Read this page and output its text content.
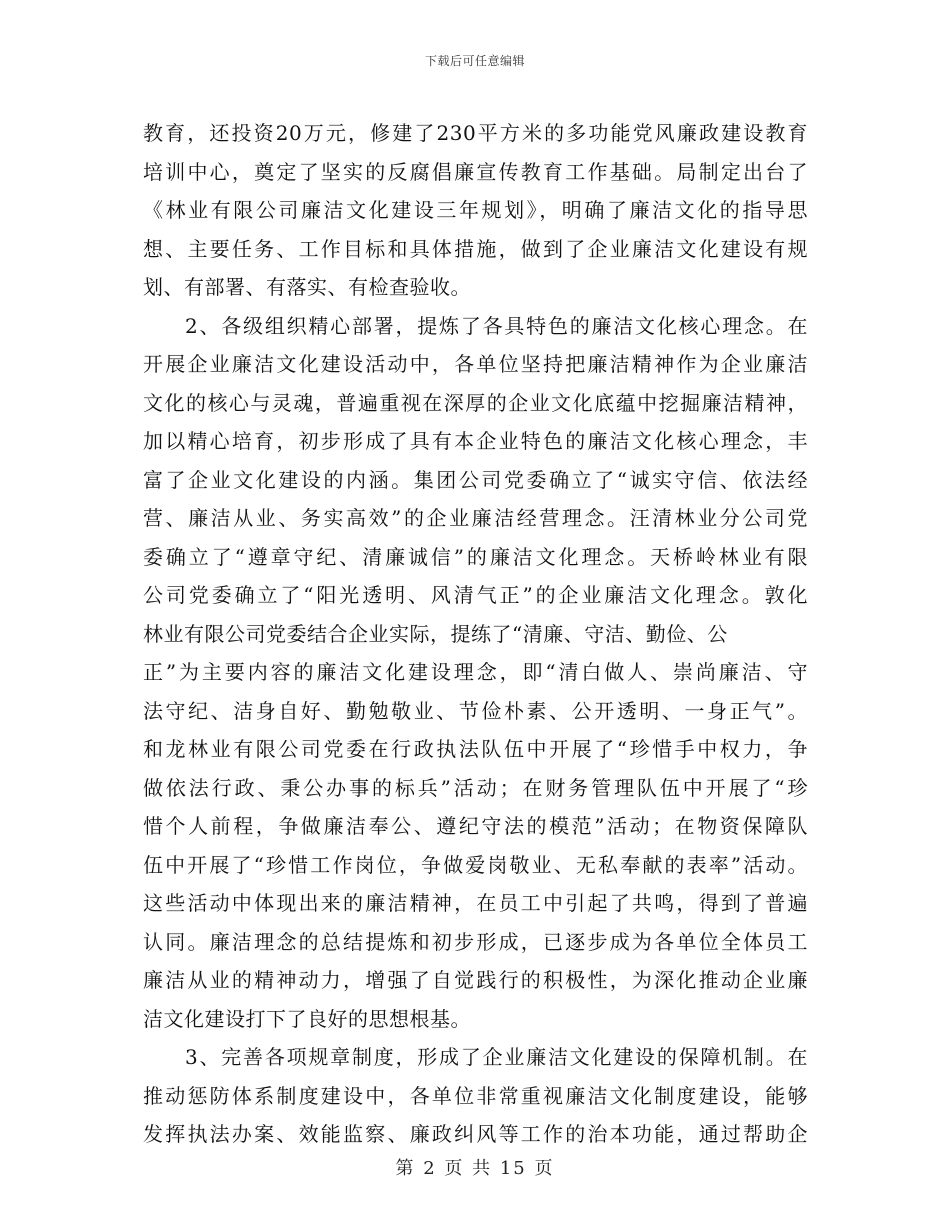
下载后可任意编辑
教育，还投资20万元，修建了230平方米的多功能党风廉政建设教育
培训中心，奠定了坚实的反腐倡廉宣传教育工作基础。局制定出台了
《林业有限公司廉洁文化建设三年规划》，明确了廉洁文化的指导思
想、主要任务、工作目标和具体措施，做到了企业廉洁文化建设有规
划、有部署、有落实、有检查验收。
2、各级组织精心部署，提炼了各具特色的廉洁文化核心理念。在
开展企业廉洁文化建设活动中，各单位坚持把廉洁精神作为企业廉洁
文化的核心与灵魂，普遍重视在深厚的企业文化底蕴中挖掘廉洁精神，
加以精心培育，初步形成了具有本企业特色的廉洁文化核心理念，丰
富了企业文化建设的内涵。集团公司党委确立了“诚实守信、依法经
营、廉洁从业、务实高效”的企业廉洁经营理念。汪清林业分公司党
委确立了“遵章守纪、清廉诚信”的廉洁文化理念。天桥岭林业有限
公司党委确立了“阳光透明、风清气正”的企业廉洁文化理念。敦化
林业有限公司党委结合企业实际，提练了“清廉、守洁、勤俭、公
正”为主要内容的廉洁文化建设理念，即“清白做人、崇尚廉洁、守
法守纪、洁身自好、勤勉敬业、节俭朴素、公开透明、一身正气”。
和龙林业有限公司党委在行政执法队伍中开展了“珍惜手中权力，争
做依法行政、秉公办事的标兵”活动；在财务管理队伍中开展了“珍
惜个人前程，争做廉洁奉公、遵纪守法的模范”活动；在物资保障队
伍中开展了“珍惜工作岗位，争做爱岗敬业、无私奉献的表率”活动。
这些活动中体现出来的廉洁精神，在员工中引起了共鸣，得到了普遍
认同。廉洁理念的总结提炼和初步形成，已逐步成为各单位全体员工
廉洁从业的精神动力，增强了自觉践行的积极性，为深化推动企业廉
洁文化建设打下了良好的思想根基。
3、完善各项规章制度，形成了企业廉洁文化建设的保障机制。在
推动惩防体系制度建设中，各单位非常重视廉洁文化制度建设，能够
发挥执法办案、效能监察、廉政纠风等工作的治本功能，通过帮助企
第 2 页 共 15 页
